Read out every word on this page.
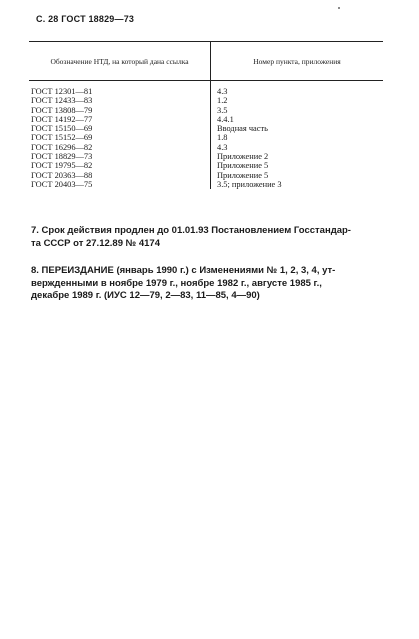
С. 28 ГОСТ 18829—73
Обозначение НТД, на который дана ссылка	Номер пункта, приложения
ГОСТ 12301—81
ГОСТ 12433—83
ГОСТ 13808—79
ГОСТ 14192—77
ГОСТ 15150—69
ГОСТ 15152—69
ГОСТ 16296—82
ГОСТ 18829—73
ГОСТ 19795—82
ГОСТ 20363—88
ГОСТ 20403—75
4.3
1.2
3.5
4.4.1
Вводная часть
1.8
4.3
Приложение 2
Приложение 5
Приложение 5
3.5; приложение 3

7. Срок действия продлен до 01.01.93 Постановлением Госстандар-
та СССР от 27.12.89 № 4174

8. ПЕРЕИЗДАНИЕ (январь 1990 г.) с Изменениями № 1, 2, 3, 4, ут-
вержденными в ноябре 1979 г., ноябре 1982 г., августе 1985 г.,
декабре 1989 г. (ИУС 12—79, 2—83, 11—85, 4—90)
